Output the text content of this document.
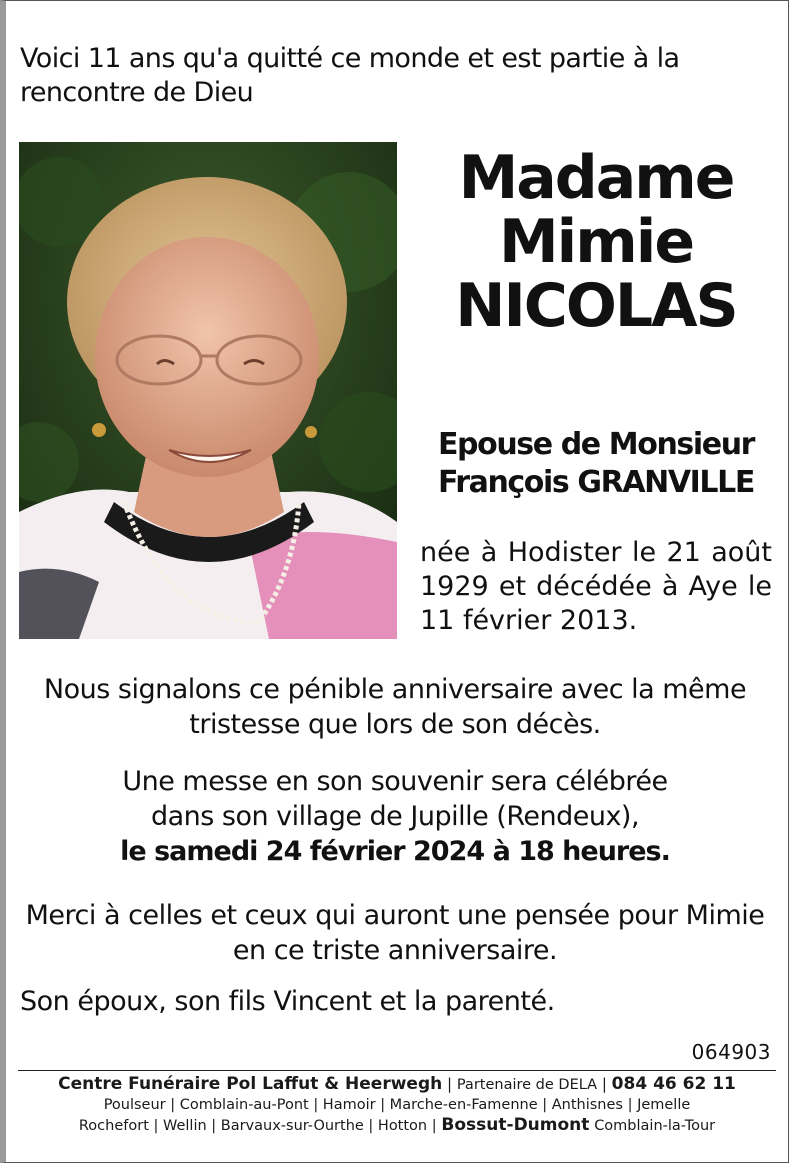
Voici 11 ans qu'a quitté ce monde et est partie à la rencontre de Dieu
Madame
Mimie
NICOLAS
Epouse de Monsieur
François GRANVILLE
née à Hodister le 21 août 1929 et décédée à Aye le 11 février 2013.
Nous signalons ce pénible anniversaire avec la même tristesse que lors de son décès.
Une messe en son souvenir sera célébrée
dans son village de Jupille (Rendeux),
le samedi 24 février 2024 à 18 heures.
Merci à celles et ceux qui auront une pensée pour Mimie en ce triste anniversaire.
Son époux, son fils Vincent et la parenté.
064903
Centre Funéraire Pol Laffut & Heerwegh | Partenaire de DELA | 084 46 62 11
Poulseur | Comblain-au-Pont | Hamoir | Marche-en-Famenne | Anthisnes | Jemelle
Rochefort | Wellin | Barvaux-sur-Ourthe | Hotton | Bossut-Dumont Comblain-la-Tour
